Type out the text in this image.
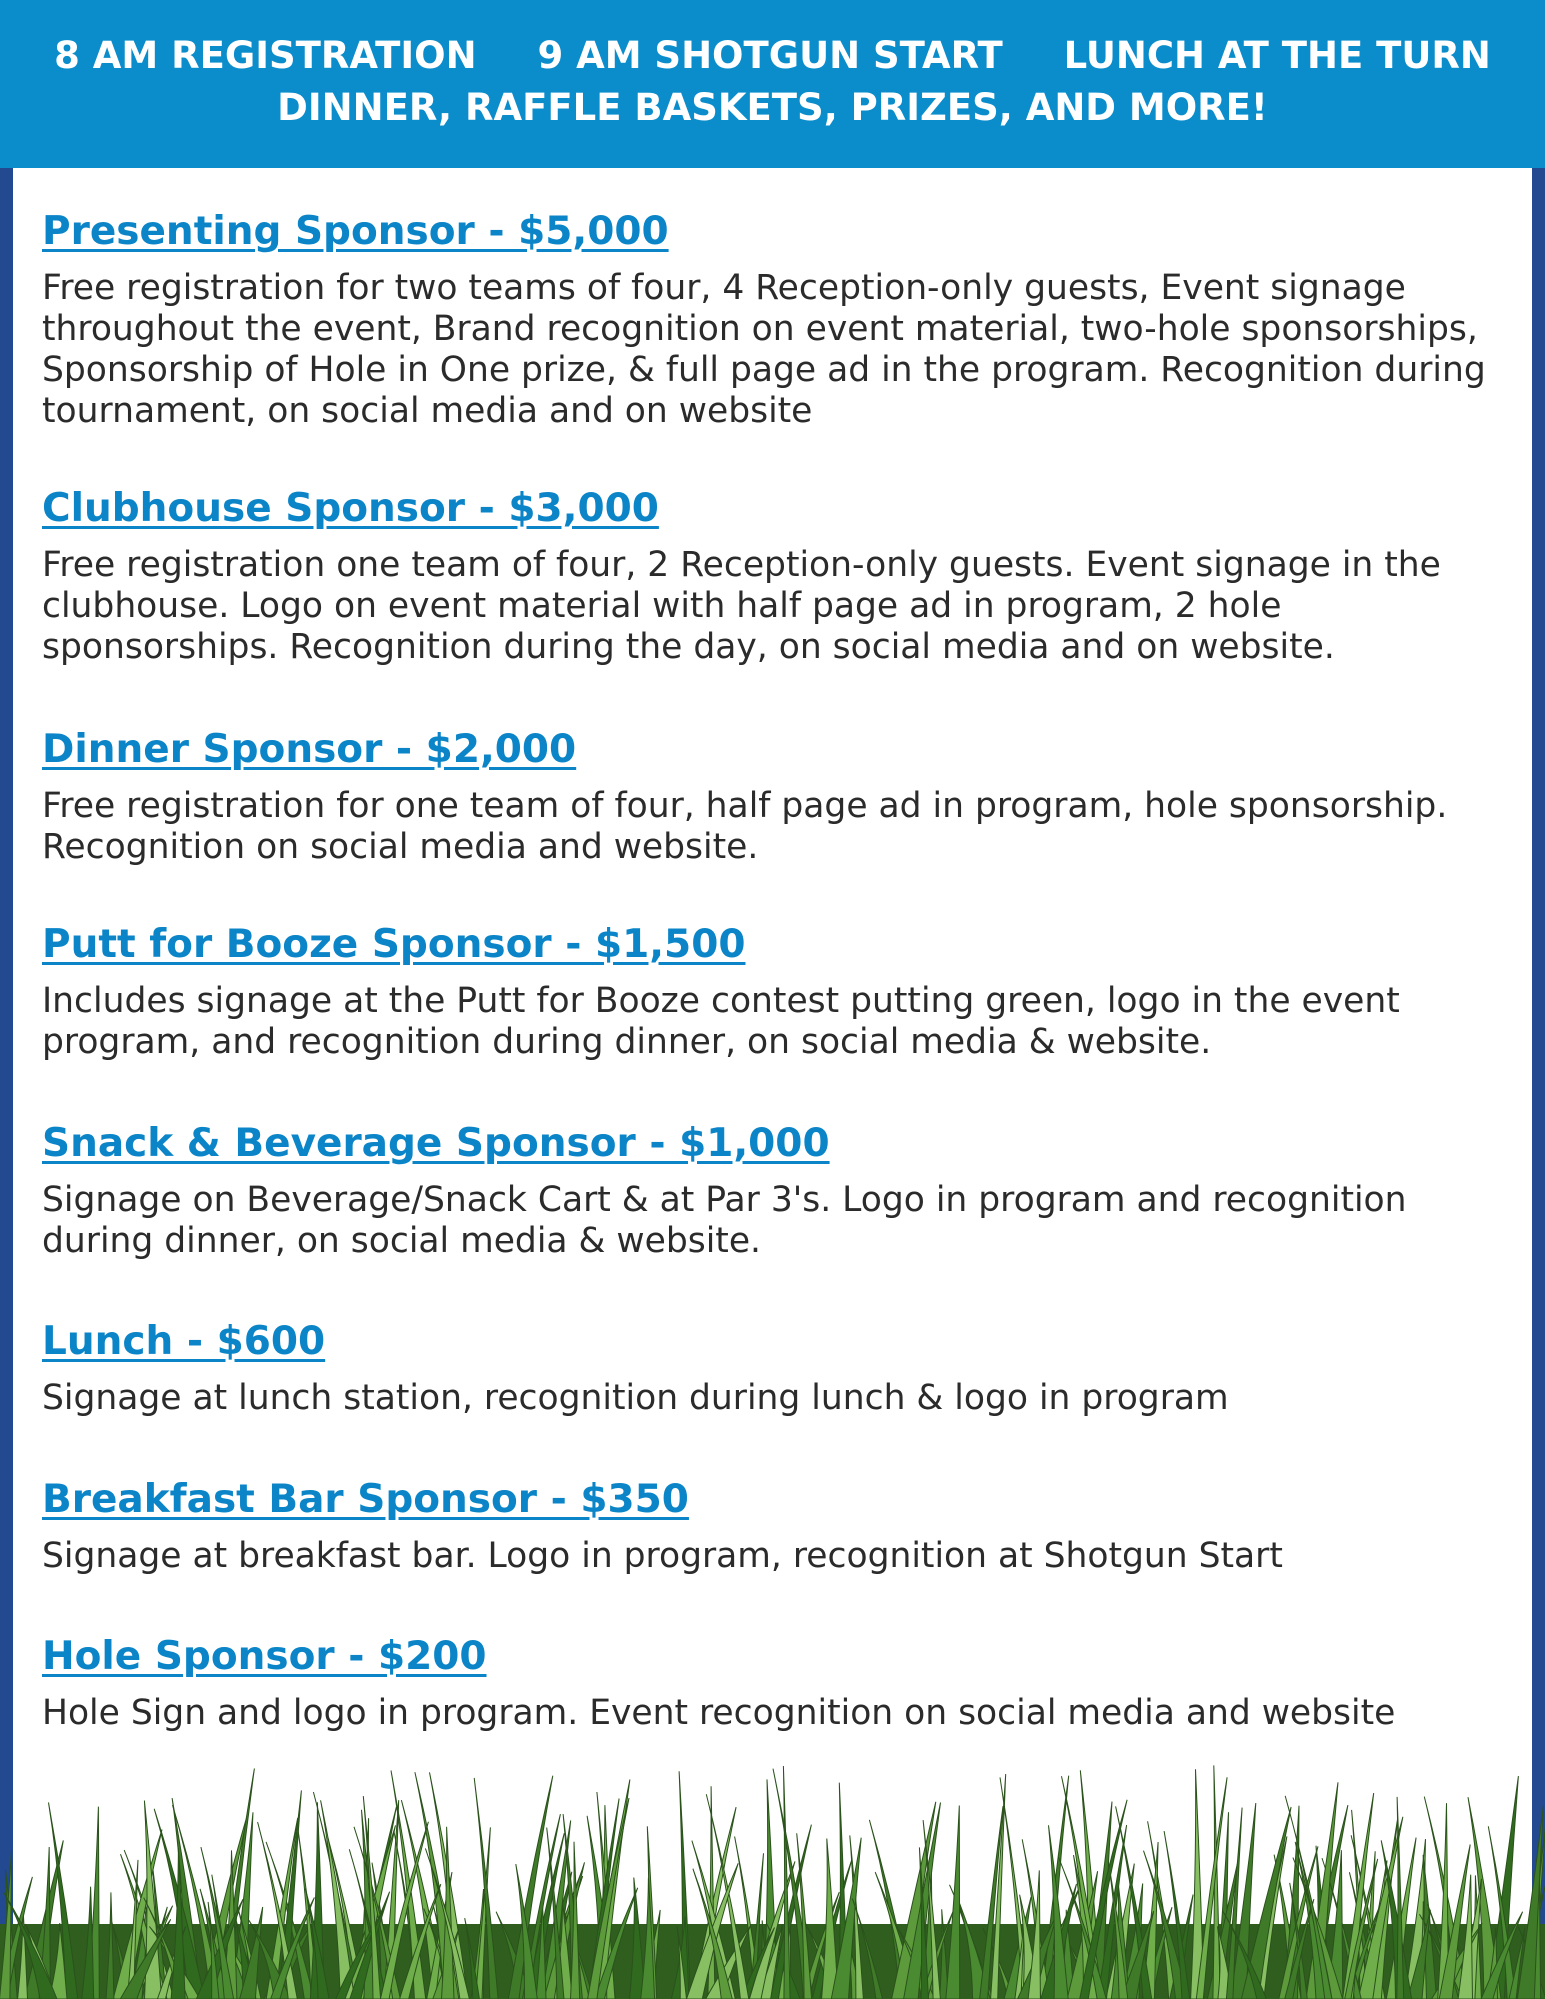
8 AM REGISTRATION 9 AM SHOTGUN START LUNCH AT THE TURN
DINNER, RAFFLE BASKETS, PRIZES, AND MORE!
Presenting Sponsor - $5,000
Free registration for two teams of four, 4 Reception-only guests, Event signage throughout the event, Brand recognition on event material, two-hole sponsorships, Sponsorship of Hole in One prize, & full page ad in the program. Recognition during tournament, on social media and on website
Clubhouse Sponsor - $3,000
Free registration one team of four, 2 Reception-only guests. Event signage in the clubhouse. Logo on event material with half page ad in program, 2 hole sponsorships. Recognition during the day, on social media and on website.
Dinner Sponsor - $2,000
Free registration for one team of four, half page ad in program, hole sponsorship. Recognition on social media and website.
Putt for Booze Sponsor - $1,500
Includes signage at the Putt for Booze contest putting green, logo in the event program, and recognition during dinner, on social media & website.
Snack & Beverage Sponsor - $1,000
Signage on Beverage/Snack Cart & at Par 3's. Logo in program and recognition during dinner, on social media & website.
Lunch - $600
Signage at lunch station, recognition during lunch & logo in program
Breakfast Bar Sponsor - $350
Signage at breakfast bar. Logo in program, recognition at Shotgun Start
Hole Sponsor - $200
Hole Sign and logo in program. Event recognition on social media and website
